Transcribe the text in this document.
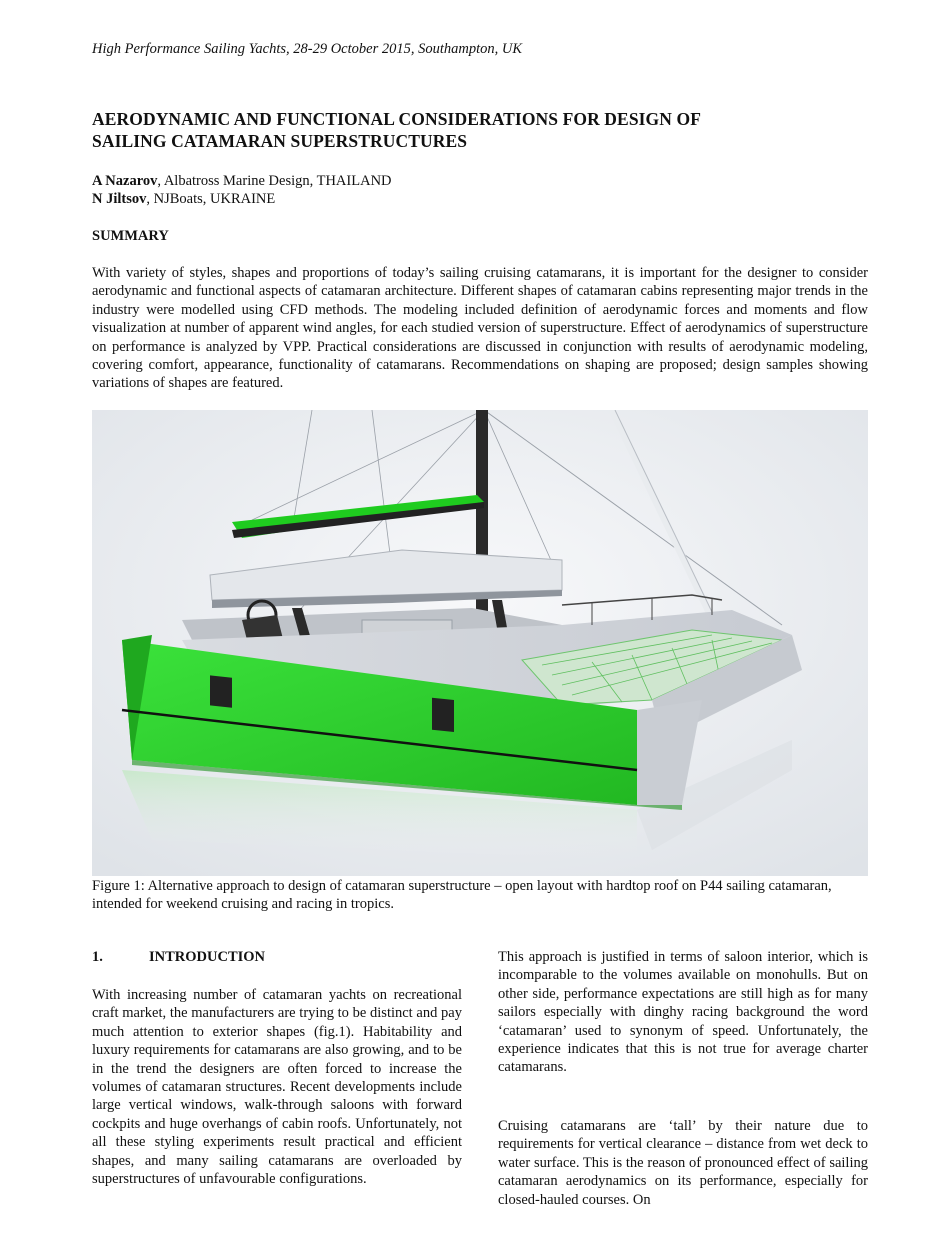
High Performance Sailing Yachts, 28-29 October 2015, Southampton, UK
AERODYNAMIC AND FUNCTIONAL CONSIDERATIONS FOR DESIGN OF
SAILING CATAMARAN SUPERSTRUCTURES
A Nazarov, Albatross Marine Design, THAILAND
N Jiltsov, NJBoats, UKRAINE
SUMMARY

With variety of styles, shapes and proportions of today’s sailing cruising catamarans, it is important for the designer to consider aerodynamic and functional aspects of catamaran architecture. Different shapes of catamaran cabins representing major trends in the industry were modelled using CFD methods. The modeling included definition of aerodynamic forces and moments and flow visualization at number of apparent wind angles, for each studied version of superstructure. Effect of aerodynamics of superstructure on performance is analyzed by VPP. Practical considerations are discussed in conjunction with results of aerodynamic modeling, covering comfort, appearance, functionality of catamarans. Recommendations on shaping are proposed; design samples showing variations of shapes are featured.

Figure 1: Alternative approach to design of catamaran superstructure – open layout with hardtop roof on P44 sailing catamaran, intended for weekend cruising and racing in tropics.

1.	INTRODUCTION

With increasing number of catamaran yachts on recreational craft market, the manufacturers are trying to be distinct and pay much attention to exterior shapes (fig.1). Habitability and luxury requirements for catamarans are also growing, and to be in the trend the designers are often forced to increase the volumes of catamaran structures. Recent developments include large vertical windows, walk-through saloons with forward cockpits and huge overhangs of cabin roofs. Unfortunately, not all these styling experiments result practical and efficient shapes, and many sailing catamarans are overloaded by superstructures of unfavourable configurations.

This approach is justified in terms of saloon interior, which is incomparable to the volumes available on monohulls. But on other side, performance expectations are still high as for many sailors especially with dinghy racing background the word ‘catamaran’ used to synonym of speed. Unfortunately, the experience indicates that this is not true for average charter catamarans.

Cruising catamarans are ‘tall’ by their nature due to requirements for vertical clearance – distance from wet deck to water surface. This is the reason of pronounced effect of sailing catamaran aerodynamics on its performance, especially for closed-hauled courses. On
